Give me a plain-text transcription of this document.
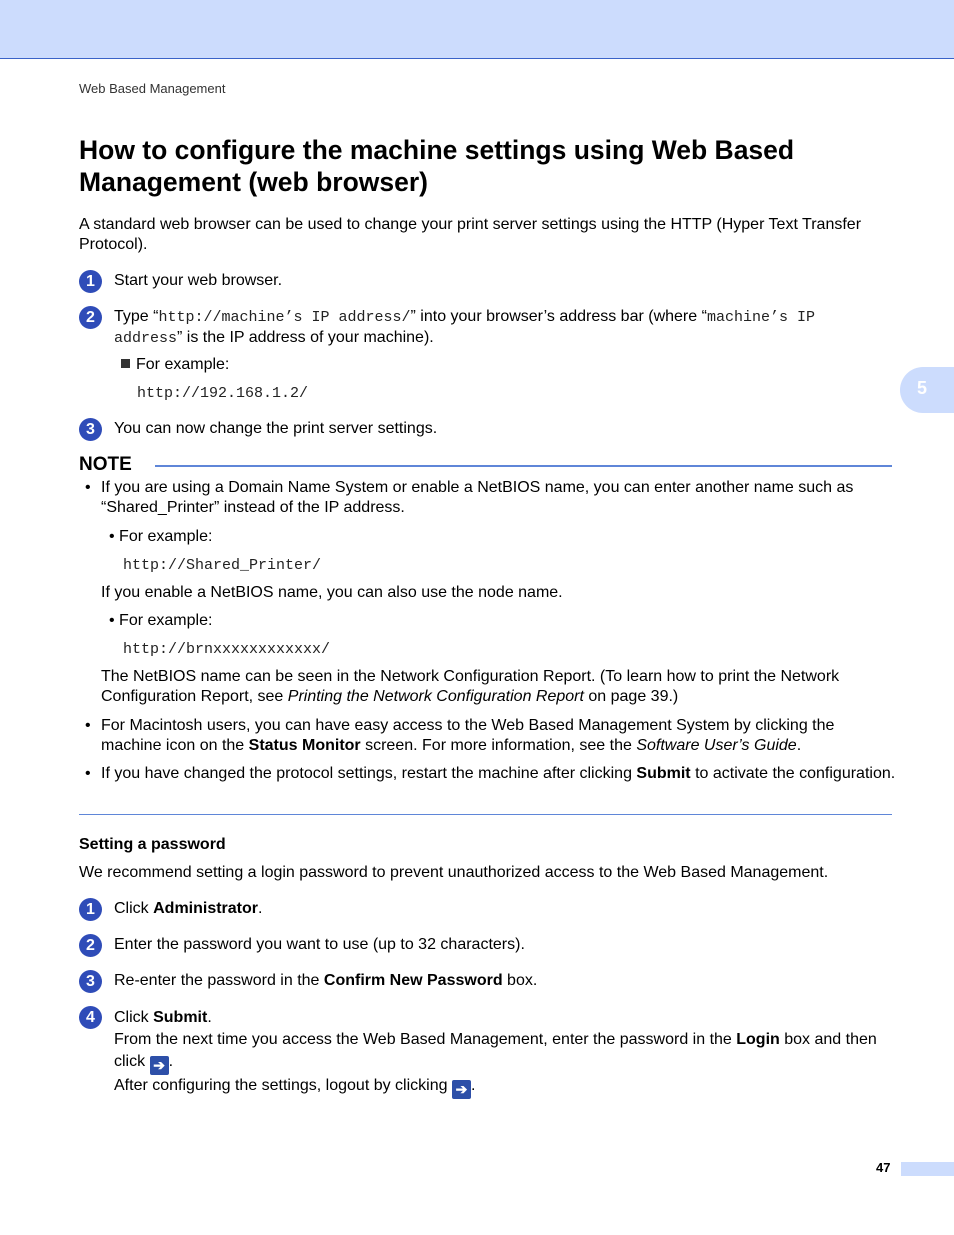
Web Based Management
5
How to configure the machine settings using Web Based Management (web browser)

A standard web browser can be used to change your print server settings using the HTTP (Hyper Text Transfer Protocol).

1	Start your web browser.
2	Type “http://machine’s IP address/” into your browser’s address bar (where “machine’s IP address” is the IP address of your machine).
For example:
http://192.168.1.2/
3	You can now change the print server settings.
NOTE
• If you are using a Domain Name System or enable a NetBIOS name, you can enter another name such as “Shared_Printer” instead of the IP address.
• For example:
http://Shared_Printer/
If you enable a NetBIOS name, you can also use the node name.
• For example:
http://brnxxxxxxxxxxxx/
The NetBIOS name can be seen in the Network Configuration Report. (To learn how to print the Network Configuration Report, see Printing the Network Configuration Report on page 39.)
• For Macintosh users, you can have easy access to the Web Based Management System by clicking the machine icon on the Status Monitor screen. For more information, see the Software User’s Guide.
• If you have changed the protocol settings, restart the machine after clicking Submit to activate the configuration.
Setting a password

We recommend setting a login password to prevent unauthorized access to the Web Based Management.

1	Click Administrator.
2	Enter the password you want to use (up to 32 characters).
3	Re-enter the password in the Confirm New Password box.
4	Click Submit.
From the next time you access the Web Based Management, enter the password in the Login box and then click ➔ .
After configuring the settings, logout by clicking ➔ .
47
